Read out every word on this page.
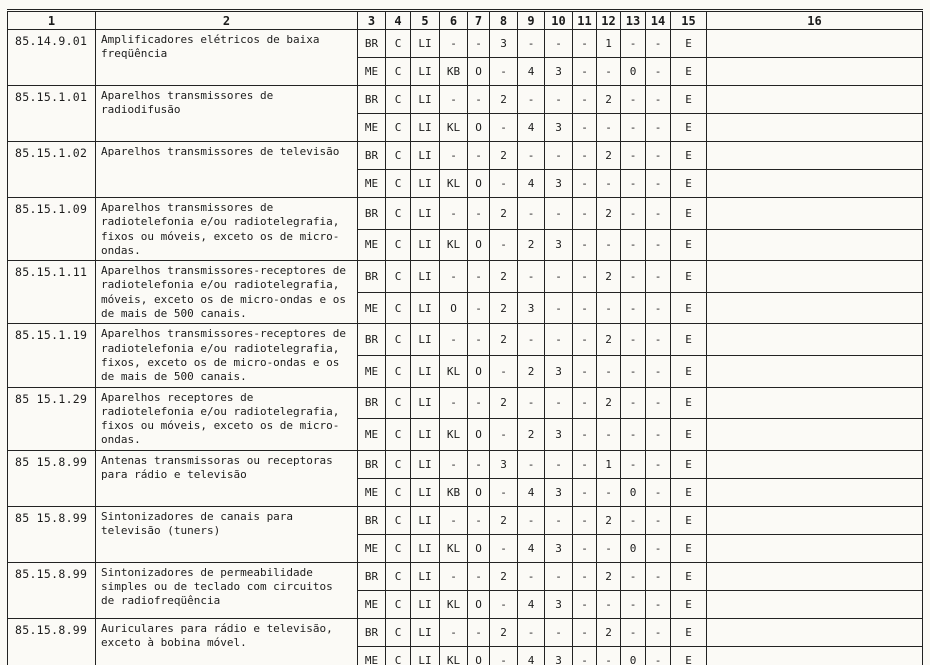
1	2	3	4	5	6	7	8	9	10	11	12	13	14	15	16
85.14.9.01	Amplificadores elétricos de baixa freqüência	BR	C	LI	-	-	3	-	-	-	1	-	-	E	
		ME	C	LI	KB	O	-	4	3	-	-	0	-	E	
85.15.1.01	Aparelhos transmissores de radiodifusão	BR	C	LI	-	-	2	-	-	-	2	-	-	E	
		ME	C	LI	KL	O	-	4	3	-	-	-	-	E	
85.15.1.02	Aparelhos transmissores de televisão	BR	C	LI	-	-	2	-	-	-	2	-	-	E	
		ME	C	LI	KL	O	-	4	3	-	-	-	-	E	
85.15.1.09	Aparelhos transmissores de radiotelefonia e/ou radiotelegrafia, fixos ou móveis, exceto os de micro-ondas.	BR	C	LI	-	-	2	-	-	-	2	-	-	E	
		ME	C	LI	KL	O	-	2	3	-	-	-	-	E	
85.15.1.11	Aparelhos transmissores-receptores de radiotelefonia e/ou radiotelegrafia, móveis, exceto os de micro-ondas e os de mais de 500 canais.	BR	C	LI	-	-	2	-	-	-	2	-	-	E	
		ME	C	LI	O	-	2	3	-	-	-	-	-	E	
85.15.1.19	Aparelhos transmissores-receptores de radiotelefonia e/ou radiotelegrafia, fixos, exceto os de micro-ondas e os de mais de 500 canais.	BR	C	LI	-	-	2	-	-	-	2	-	-	E	
		ME	C	LI	KL	O	-	2	3	-	-	-	-	E	
85 15.1.29	Aparelhos receptores de radiotelefonia e/ou radiotelegrafia, fixos ou móveis, exceto os de micro-ondas.	BR	C	LI	-	-	2	-	-	-	2	-	-	E	
		ME	C	LI	KL	O	-	2	3	-	-	-	-	E	
85 15.8.99	Antenas transmissoras ou receptoras para rádio e televisão	BR	C	LI	-	-	3	-	-	-	1	-	-	E	
		ME	C	LI	KB	O	-	4	3	-	-	0	-	E	
85 15.8.99	Sintonizadores de canais para televisão (tuners)	BR	C	LI	-	-	2	-	-	-	2	-	-	E	
		ME	C	LI	KL	O	-	4	3	-	-	0	-	E	
85.15.8.99	Sintonizadores de permeabilidade simples ou de teclado com circuitos de radiofreqüência	BR	C	LI	-	-	2	-	-	-	2	-	-	E	
		ME	C	LI	KL	O	-	4	3	-	-	-	-	E	
85.15.8.99	Auriculares para rádio e televisão, exceto à bobina móvel.	BR	C	LI	-	-	2	-	-	-	2	-	-	E	
		ME	C	LI	KL	O	-	4	3	-	-	0	-	E	
